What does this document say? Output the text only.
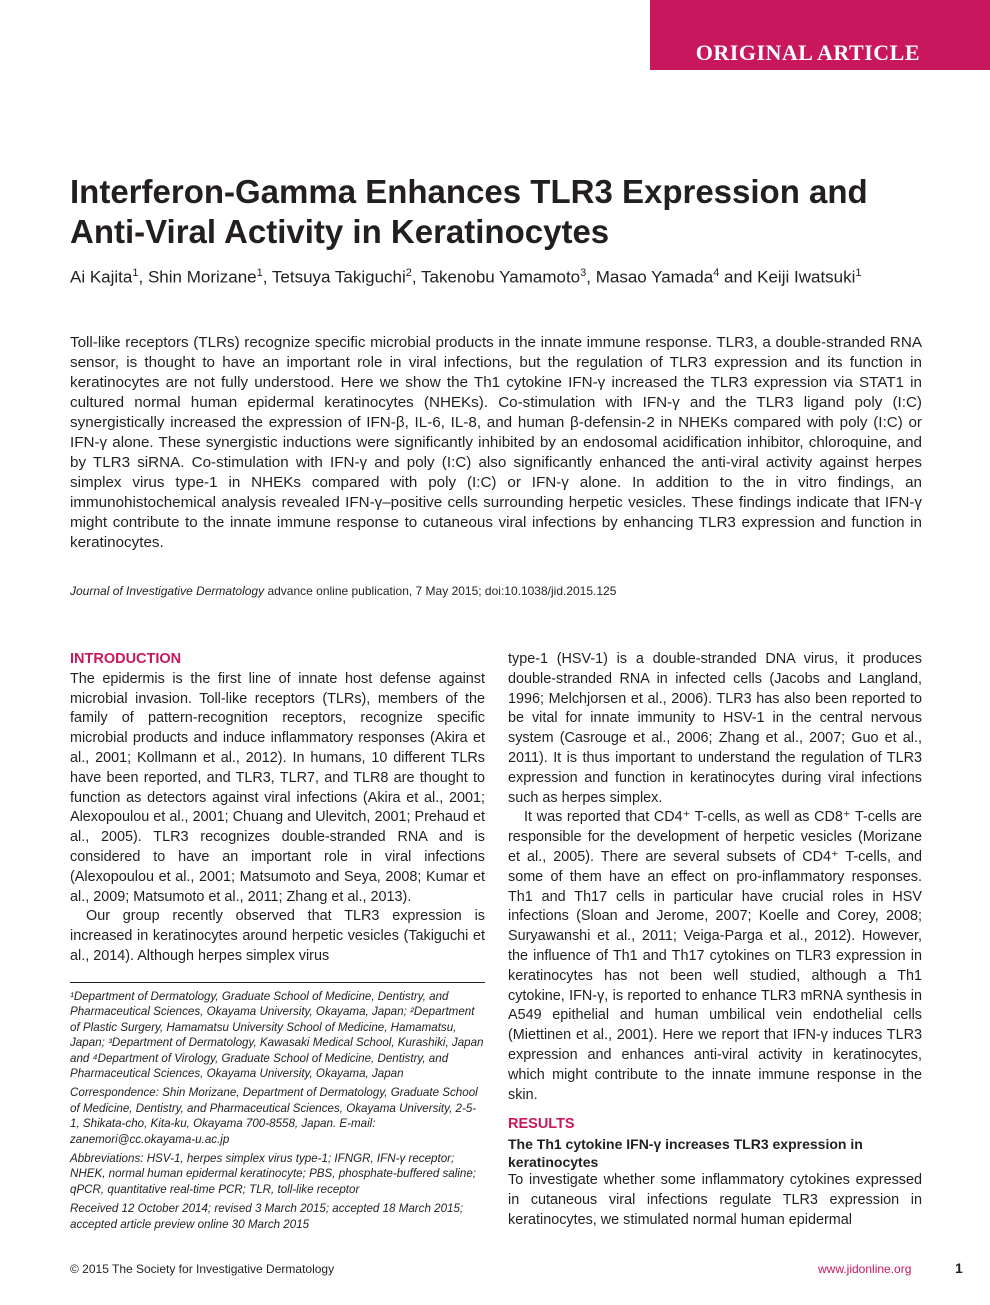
ORIGINAL ARTICLE
Interferon-Gamma Enhances TLR3 Expression and Anti-Viral Activity in Keratinocytes
Ai Kajita$^1$, Shin Morizane$^1$, Tetsuya Takiguchi$^2$, Takenobu Yamamoto$^3$, Masao Yamada$^4$ and Keiji Iwatsuki$^1$

Toll-like receptors (TLRs) recognize specific microbial products in the innate immune response. TLR3, a double-stranded RNA sensor, is thought to have an important role in viral infections, but the regulation of TLR3 expression and its function in keratinocytes are not fully understood. Here we show the Th1 cytokine IFN-γ increased the TLR3 expression via STAT1 in cultured normal human epidermal keratinocytes (NHEKs). Co-stimulation with IFN-γ and the TLR3 ligand poly (I:C) synergistically increased the expression of IFN-β, IL-6, IL-8, and human β-defensin-2 in NHEKs compared with poly (I:C) or IFN-γ alone. These synergistic inductions were significantly inhibited by an endosomal acidification inhibitor, chloroquine, and by TLR3 siRNA. Co-stimulation with IFN-γ and poly (I:C) also significantly enhanced the anti-viral activity against herpes simplex virus type-1 in NHEKs compared with poly (I:C) or IFN-γ alone. In addition to the in vitro findings, an immunohistochemical analysis revealed IFN-γ–positive cells surrounding herpetic vesicles. These findings indicate that IFN-γ might contribute to the innate immune response to cutaneous viral infections by enhancing TLR3 expression and function in keratinocytes.

Journal of Investigative Dermatology advance online publication, 7 May 2015; doi:10.1038/jid.2015.125

INTRODUCTION

The epidermis is the first line of innate host defense against microbial invasion. Toll-like receptors (TLRs), members of the family of pattern-recognition receptors, recognize specific microbial products and induce inflammatory responses (Akira et al., 2001; Kollmann et al., 2012). In humans, 10 different TLRs have been reported, and TLR3, TLR7, and TLR8 are thought to function as detectors against viral infections (Akira et al., 2001; Alexopoulou et al., 2001; Chuang and Ulevitch, 2001; Prehaud et al., 2005). TLR3 recognizes double-stranded RNA and is considered to have an important role in viral infections (Alexopoulou et al., 2001; Matsumoto and Seya, 2008; Kumar et al., 2009; Matsumoto et al., 2011; Zhang et al., 2013).

Our group recently observed that TLR3 expression is increased in keratinocytes around herpetic vesicles (Takiguchi et al., 2014). Although herpes simplex virus

¹Department of Dermatology, Graduate School of Medicine, Dentistry, and Pharmaceutical Sciences, Okayama University, Okayama, Japan; ²Department of Plastic Surgery, Hamamatsu University School of Medicine, Hamamatsu, Japan; ³Department of Dermatology, Kawasaki Medical School, Kurashiki, Japan and ⁴Department of Virology, Graduate School of Medicine, Dentistry, and Pharmaceutical Sciences, Okayama University, Okayama, Japan

Correspondence: Shin Morizane, Department of Dermatology, Graduate School of Medicine, Dentistry, and Pharmaceutical Sciences, Okayama University, 2-5-1, Shikata-cho, Kita-ku, Okayama 700-8558, Japan. E-mail: zanemori@cc.okayama-u.ac.jp

Abbreviations: HSV-1, herpes simplex virus type-1; IFNGR, IFN-γ receptor; NHEK, normal human epidermal keratinocyte; PBS, phosphate-buffered saline; qPCR, quantitative real-time PCR; TLR, toll-like receptor

Received 12 October 2014; revised 3 March 2015; accepted 18 March 2015; accepted article preview online 30 March 2015

type-1 (HSV-1) is a double-stranded DNA virus, it produces double-stranded RNA in infected cells (Jacobs and Langland, 1996; Melchjorsen et al., 2006). TLR3 has also been reported to be vital for innate immunity to HSV-1 in the central nervous system (Casrouge et al., 2006; Zhang et al., 2007; Guo et al., 2011). It is thus important to understand the regulation of TLR3 expression and function in keratinocytes during viral infections such as herpes simplex.

It was reported that CD4⁺ T-cells, as well as CD8⁺ T-cells are responsible for the development of herpetic vesicles (Morizane et al., 2005). There are several subsets of CD4⁺ T-cells, and some of them have an effect on pro-inflammatory responses. Th1 and Th17 cells in particular have crucial roles in HSV infections (Sloan and Jerome, 2007; Koelle and Corey, 2008; Suryawanshi et al., 2011; Veiga-Parga et al., 2012). However, the influence of Th1 and Th17 cytokines on TLR3 expression in keratinocytes has not been well studied, although a Th1 cytokine, IFN-γ, is reported to enhance TLR3 mRNA synthesis in A549 epithelial and human umbilical vein endothelial cells (Miettinen et al., 2001). Here we report that IFN-γ induces TLR3 expression and enhances anti-viral activity in keratinocytes, which might contribute to the innate immune response in the skin.

RESULTS
The Th1 cytokine IFN-γ increases TLR3 expression in keratinocytes

To investigate whether some inflammatory cytokines expressed in cutaneous viral infections regulate TLR3 expression in keratinocytes, we stimulated normal human epidermal

© 2015 The Society for Investigative Dermatology	www.jidonline.org	1
